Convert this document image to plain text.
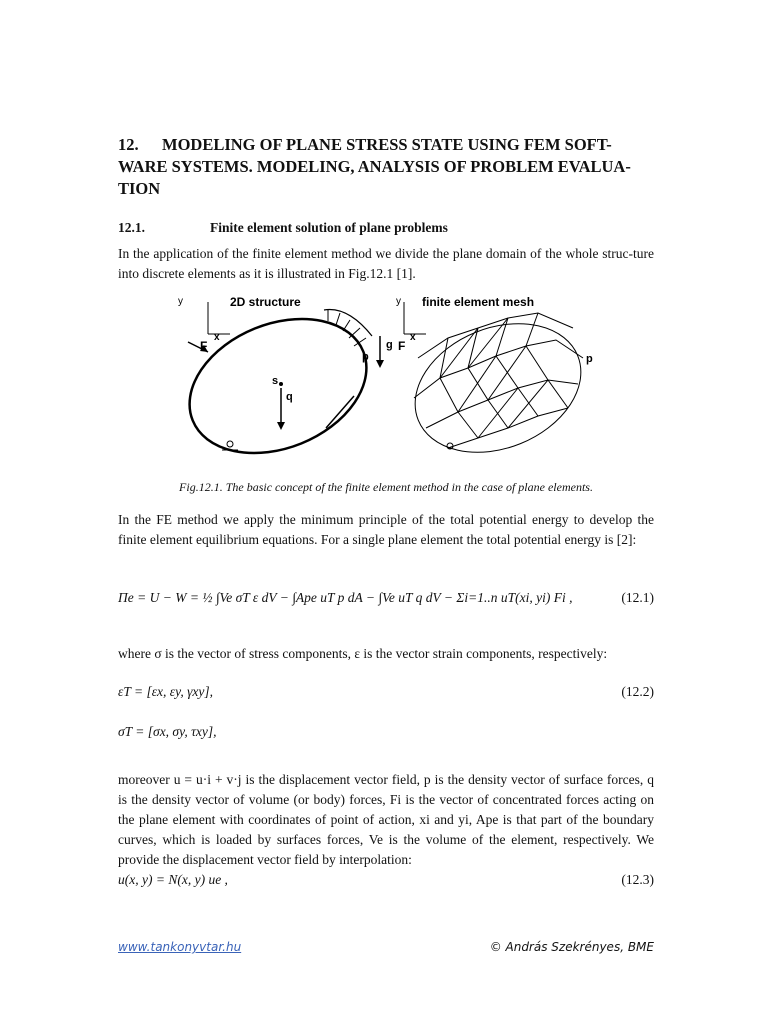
12. MODELING OF PLANE STRESS STATE USING FEM SOFT-WARE SYSTEMS. MODELING, ANALYSIS OF PROBLEM EVALUA-TION
12.1.	Finite element solution of plane problems
In the application of the finite element method we divide the plane domain of the whole struc-ture into discrete elements as it is illustrated in Fig.12.1 [1].
2D structure
y
x
F
p
g
s
q
finite element mesh
y
x
F
p
Fig.12.1. The basic concept of the finite element method in the case of plane elements.
In the FE method we apply the minimum principle of the total potential energy to develop the finite element equilibrium equations. For a single plane element the total potential energy is [2]:
Πe = U − W = ½ ∫Ve σT ε dV − ∫Ape uT p dA − ∫Ve uT q dV − Σi=1..n uT(xi, yi) Fi ,	(12.1)
where σ is the vector of stress components, ε is the vector strain components, respectively:
εT = [εx, εy, γxy],	(12.2)
σT = [σx, σy, τxy],
moreover u = u·i + v·j is the displacement vector field, p is the density vector of surface forces, q is the density vector of volume (or body) forces, Fi is the vector of concentrated forces acting on the plane element with coordinates of point of action, xi and yi, Ape is that part of the boundary curves, which is loaded by surfaces forces, Ve is the volume of the element, respectively. We provide the displacement vector field by interpolation:
u(x, y) = N(x, y) ue ,	(12.3)
www.tankonyvtar.hu	© András Szekrényes, BME
